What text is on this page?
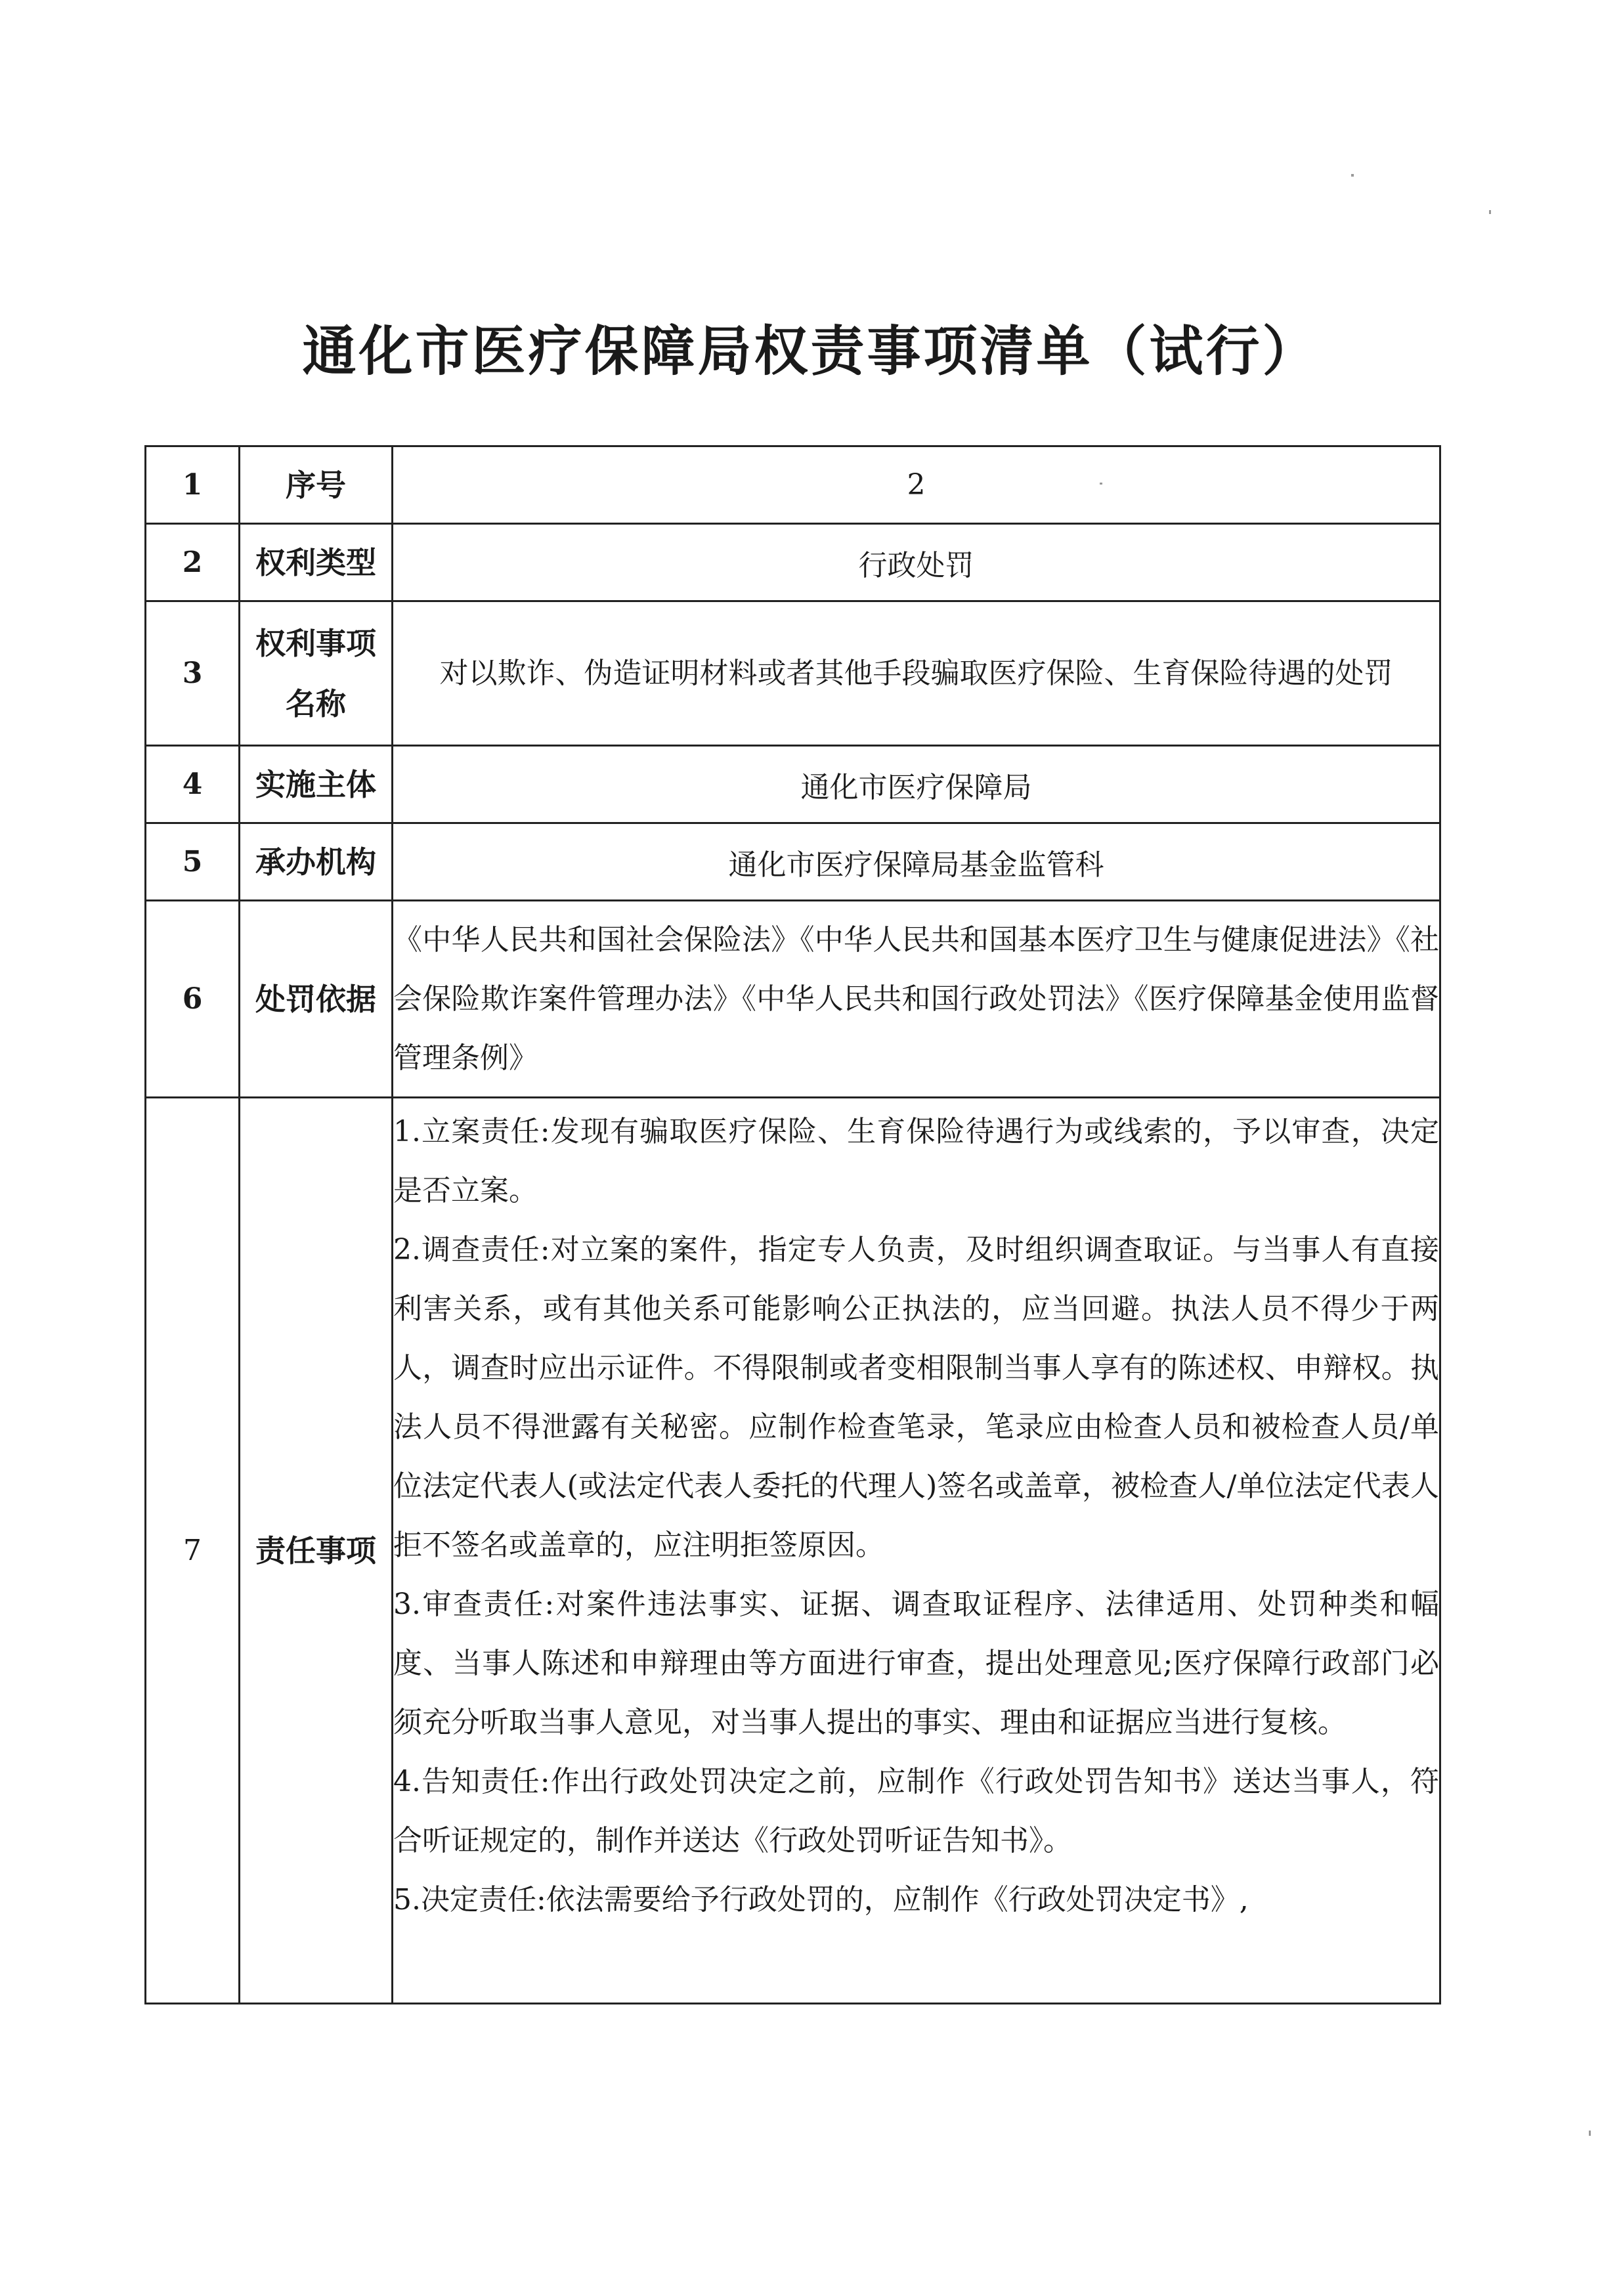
通化市医疗保障局权责事项清单（试行）
1	序号	2
2	权利类型	行政处罚
3	权利事项名称	对以欺诈、伪造证明材料或者其他手段骗取医疗保险、生育保险待遇的处罚
4	实施主体	通化市医疗保障局
5	承办机构	通化市医疗保障局基金监管科
6	处罚依据	《中华人民共和国社会保险法》《中华人民共和国基本医疗卫生与健康促进法》《社会保险欺诈案件管理办法》《中华人民共和国行政处罚法》《医疗保障基金使用监督管理条例》
7	责任事项	1.立案责任:发现有骗取医疗保险、生育保险待遇行为或线索的，予以审查，决定是否立案。
2.调查责任:对立案的案件，指定专人负责，及时组织调查取证。与当事人有直接利害关系，或有其他关系可能影响公正执法的，应当回避。执法人员不得少于两人，调查时应出示证件。不得限制或者变相限制当事人享有的陈述权、申辩权。执法人员不得泄露有关秘密。应制作检查笔录，笔录应由检查人员和被检查人员/单位法定代表人(或法定代表人委托的代理人)签名或盖章，被检查人/单位法定代表人拒不签名或盖章的，应注明拒签原因。
3.审查责任:对案件违法事实、证据、调查取证程序、法律适用、处罚种类和幅度、当事人陈述和申辩理由等方面进行审查，提出处理意见;医疗保障行政部门必须充分听取当事人意见，对当事人提出的事实、理由和证据应当进行复核。
4.告知责任:作出行政处罚决定之前，应制作《行政处罚告知书》送达当事人，符合听证规定的，制作并送达《行政处罚听证告知书》。
5.决定责任:依法需要给予行政处罚的，应制作《行政处罚决定书》,
